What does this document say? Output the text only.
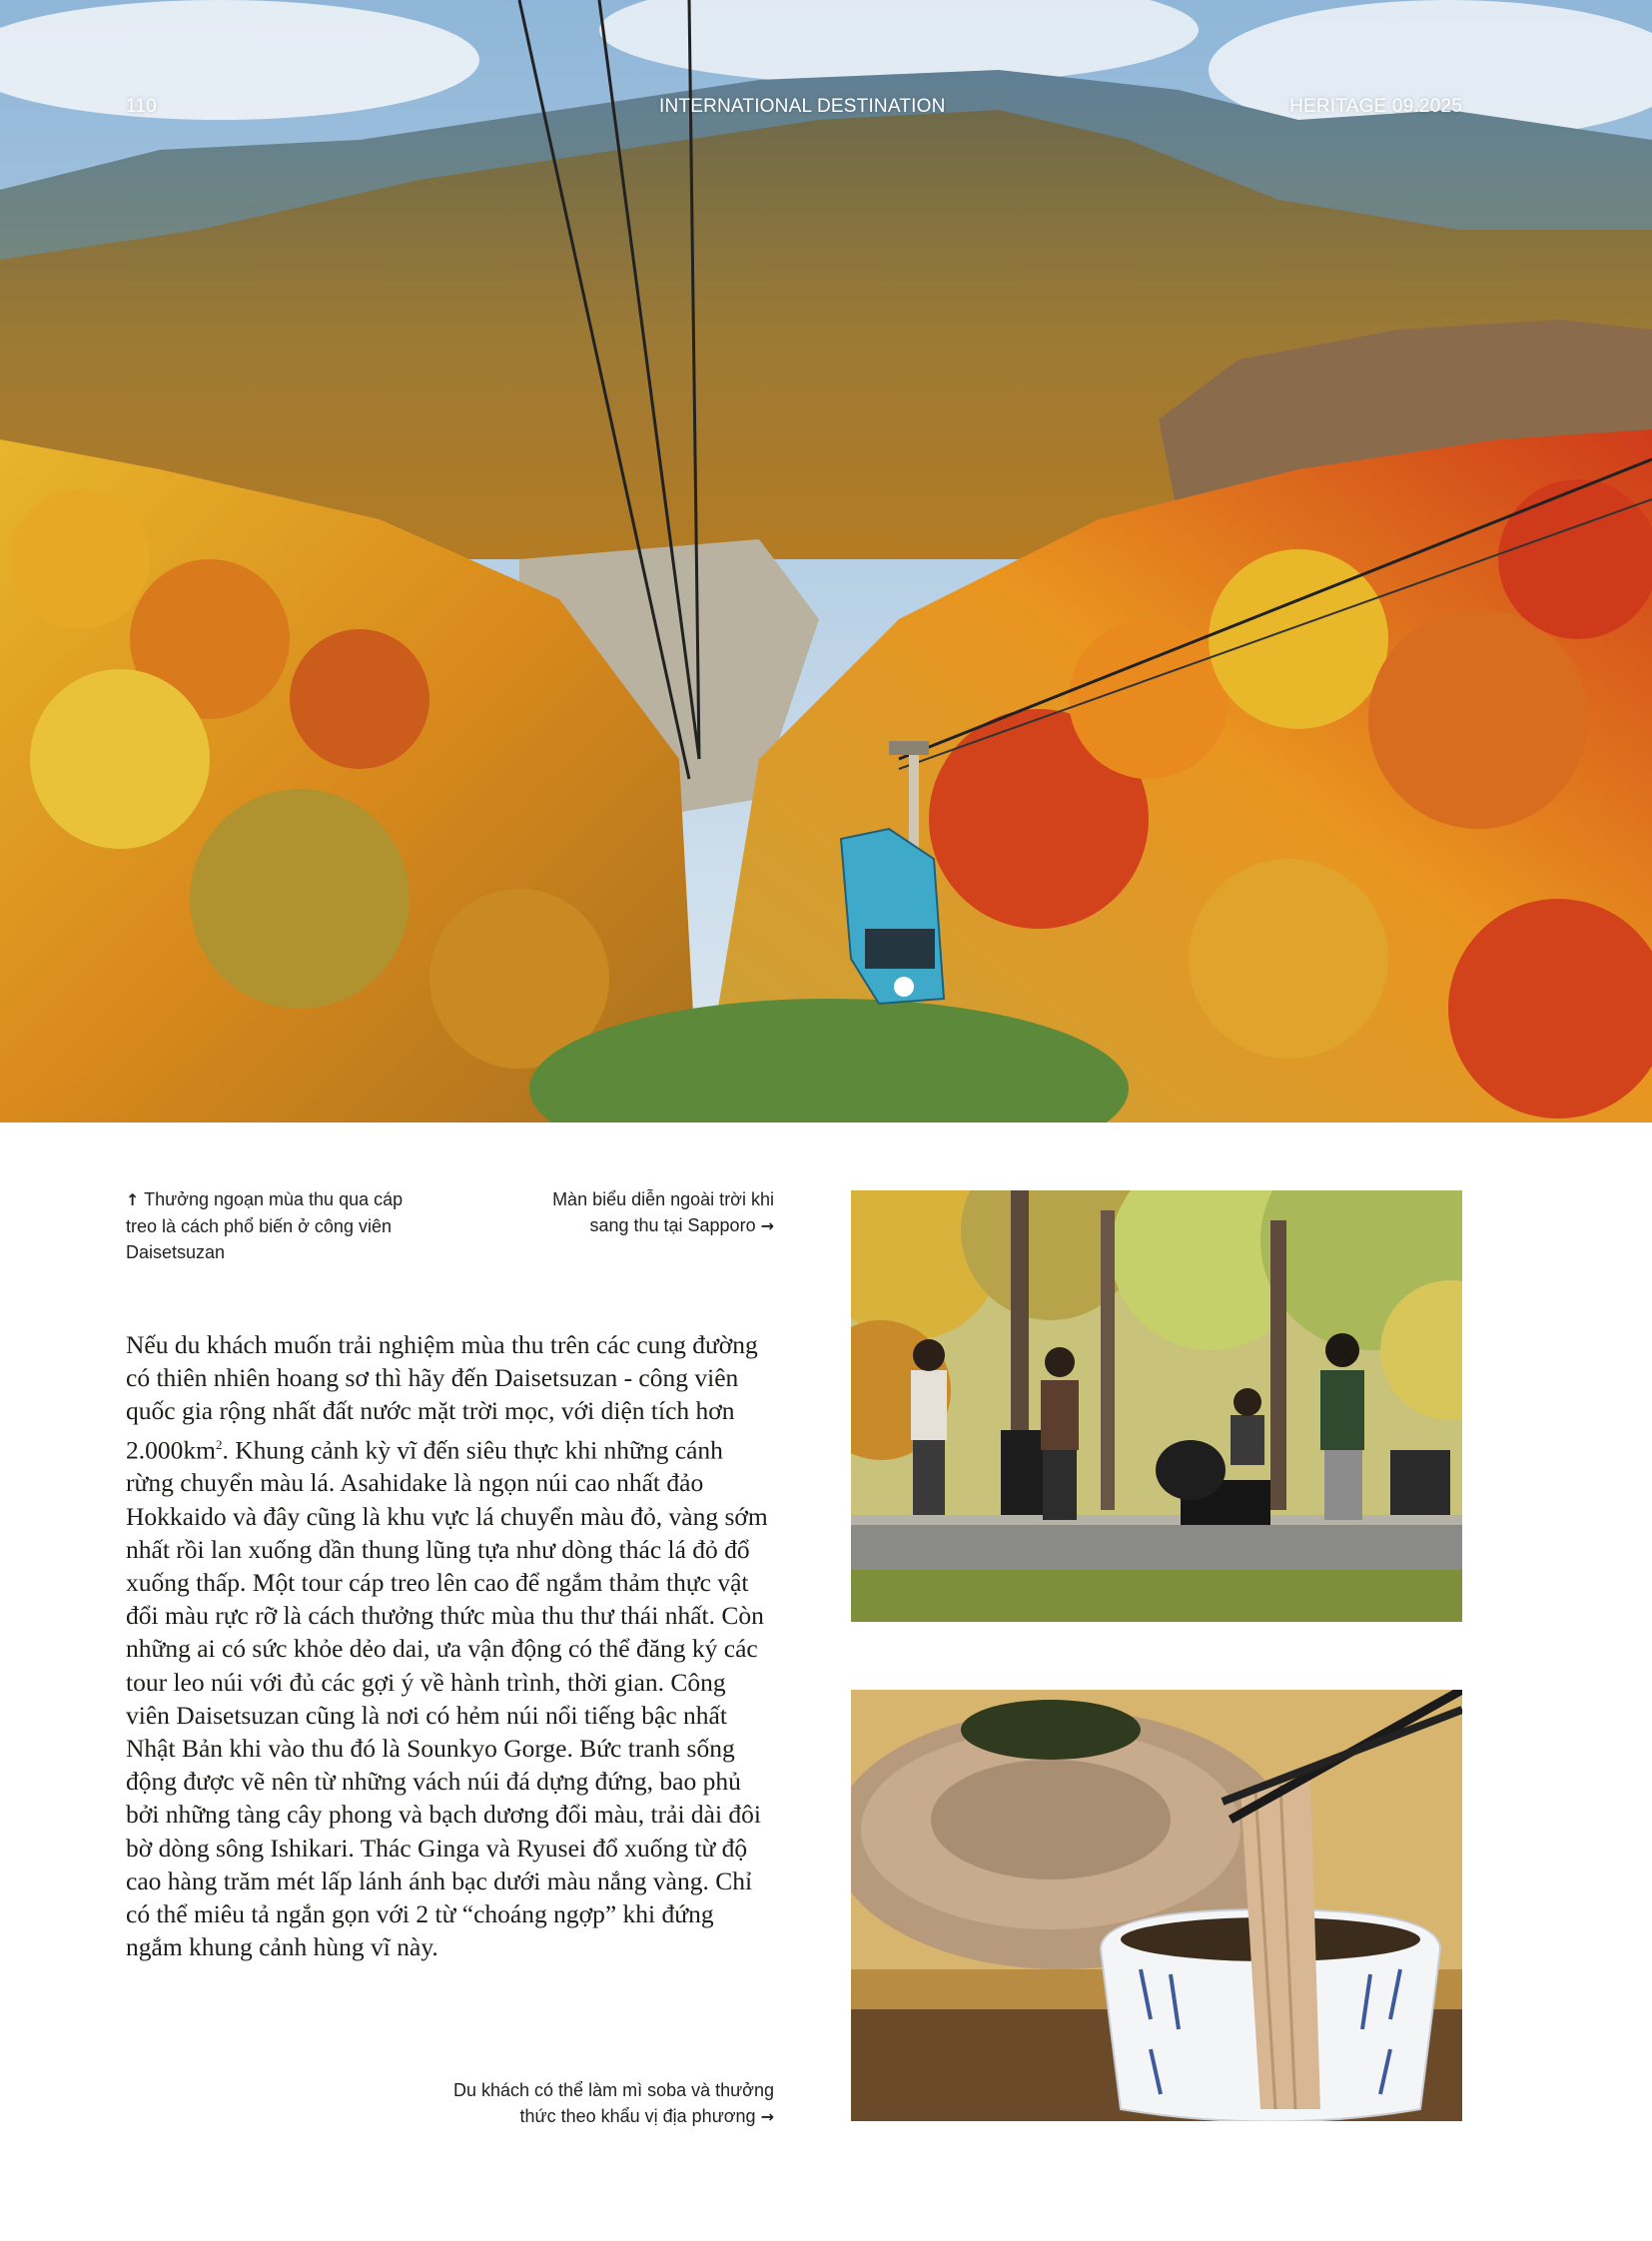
110	INTERNATIONAL DESTINATION	HERITAGE 09.2025
↑ Thưởng ngoạn mùa thu qua cáp treo là cách phổ biến ở công viên Daisetsuzan
Màn biểu diễn ngoài trời khi sang thu tại Sapporo →

Nếu du khách muốn trải nghiệm mùa thu trên các cung đường có thiên nhiên hoang sơ thì hãy đến Daisetsuzan - công viên quốc gia rộng nhất đất nước mặt trời mọc, với diện tích hơn $2.000km^2$. Khung cảnh kỳ vĩ đến siêu thực khi những cánh rừng chuyển màu lá. Asahidake là ngọn núi cao nhất đảo Hokkaido và đây cũng là khu vực lá chuyển màu đỏ, vàng sớm nhất rồi lan xuống dần thung lũng tựa như dòng thác lá đỏ đổ xuống thấp. Một tour cáp treo lên cao để ngắm thảm thực vật đổi màu rực rỡ là cách thưởng thức mùa thu thư thái nhất. Còn những ai có sức khỏe dẻo dai, ưa vận động có thể đăng ký các tour leo núi với đủ các gợi ý về hành trình, thời gian. Công viên Daisetsuzan cũng là nơi có hẻm núi nổi tiếng bậc nhất Nhật Bản khi vào thu đó là Sounkyo Gorge. Bức tranh sống động được vẽ nên từ những vách núi đá dựng đứng, bao phủ bởi những tàng cây phong và bạch dương đổi màu, trải dài đôi bờ dòng sông Ishikari. Thác Ginga và Ryusei đổ xuống từ độ cao hàng trăm mét lấp lánh ánh bạc dưới màu nắng vàng. Chỉ có thể miêu tả ngắn gọn với 2 từ “choáng ngợp” khi đứng ngắm khung cảnh hùng vĩ này.

Du khách có thể làm mì soba và thưởng thức theo khẩu vị địa phương →
